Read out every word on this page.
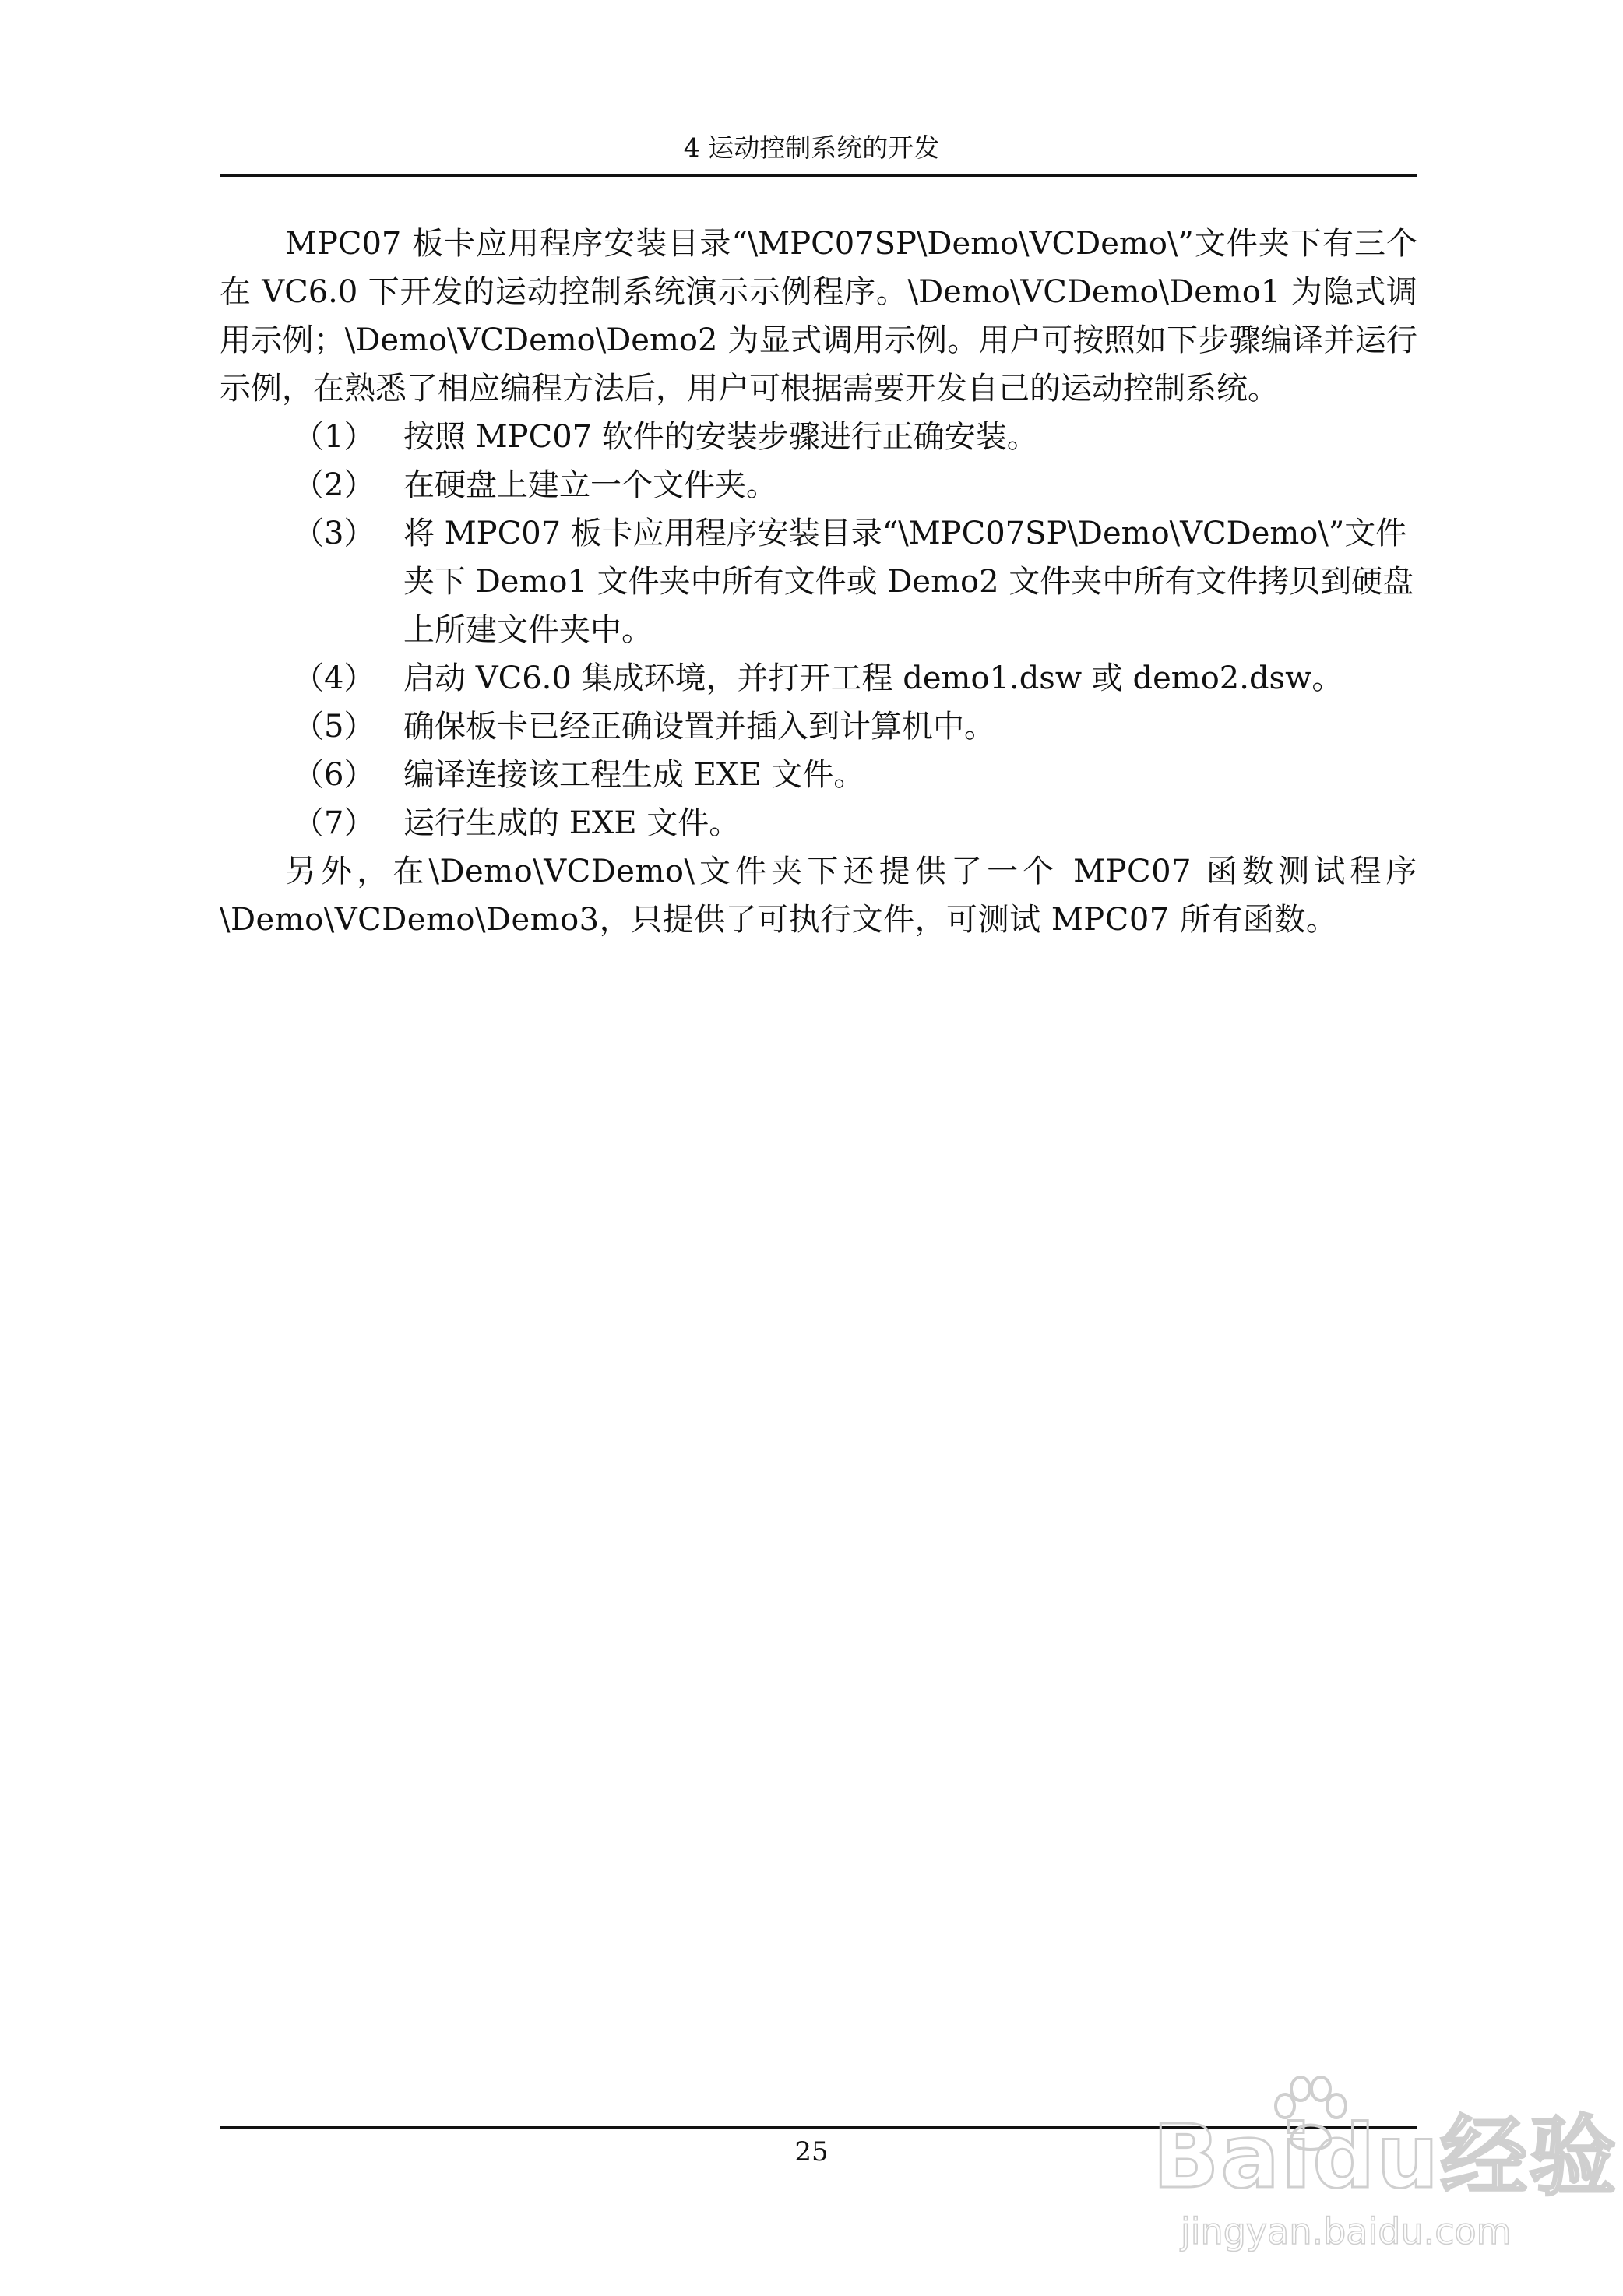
4 运动控制系统的开发

MPC07 板卡应用程序安装目录“\MPC07SP\Demo\VCDemo\”文件夹下有三个在 VC6.0 下开发的运动控制系统演示示例程序。\Demo\VCDemo\Demo1 为隐式调用示例；\Demo\VCDemo\Demo2 为显式调用示例。用户可按照如下步骤编译并运行示例，在熟悉了相应编程方法后，用户可根据需要开发自己的运动控制系统。

（1） 按照 MPC07 软件的安装步骤进行正确安装。

（2） 在硬盘上建立一个文件夹。

（3） 将 MPC07 板卡应用程序安装目录“\MPC07SP\Demo\VCDemo\”文件夹下 Demo1 文件夹中所有文件或 Demo2 文件夹中所有文件拷贝到硬盘上所建文件夹中。

（4） 启动 VC6.0 集成环境，并打开工程 demo1.dsw 或 demo2.dsw。

（5） 确保板卡已经正确设置并插入到计算机中。

（6） 编译连接该工程生成 EXE 文件。

（7） 运行生成的 EXE 文件。

另外，在\Demo\VCDemo\文件夹下还提供了一个 MPC07 函数测试程序\Demo\VCDemo\Demo3，只提供了可执行文件，可测试 MPC07 所有函数。

25	Baidu经验
jingyan.baidu.com
